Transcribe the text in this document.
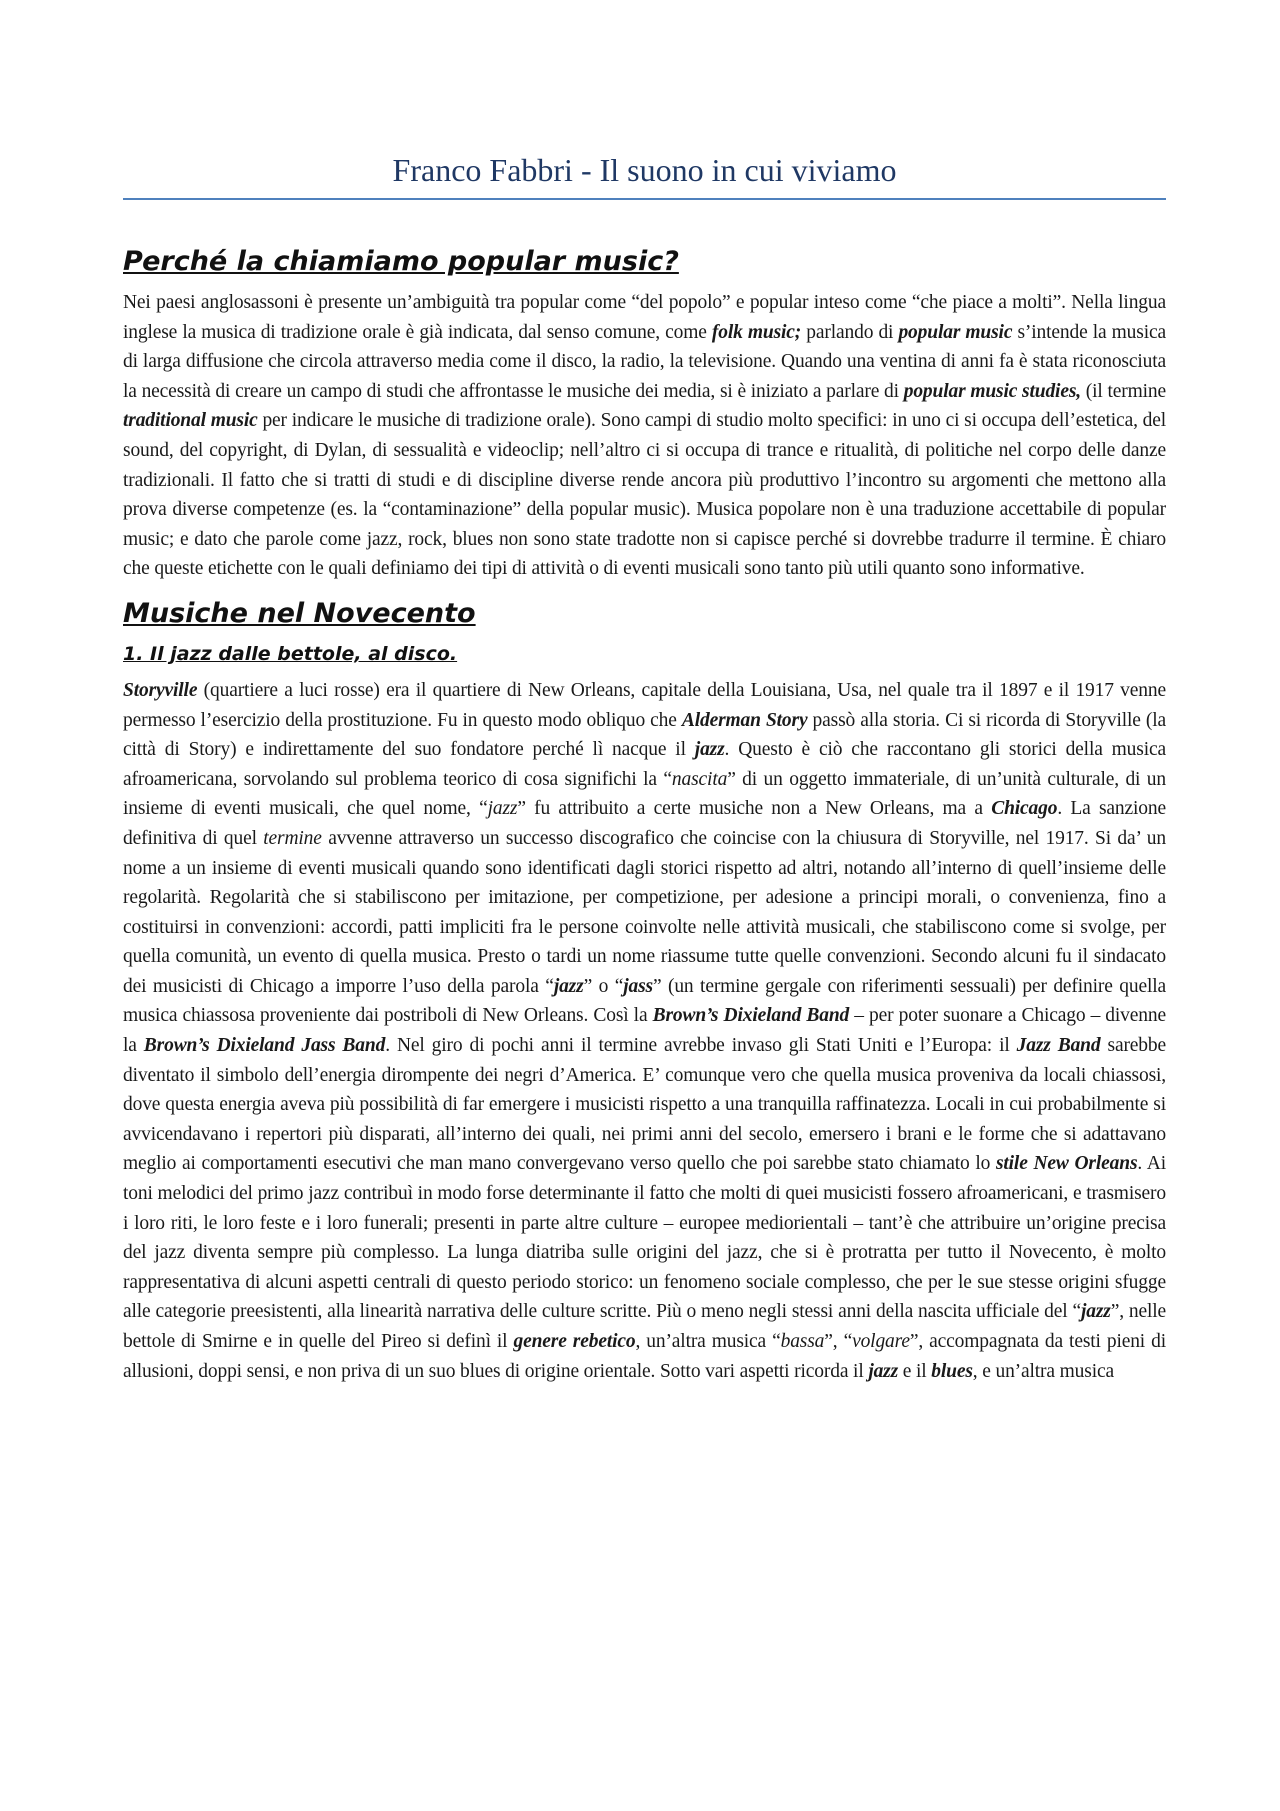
Franco Fabbri - Il suono in cui viviamo
Perché la chiamiamo popular music?

Nei paesi anglosassoni è presente un’ambiguità tra popular come “del popolo” e popular inteso come “che piace a molti”. Nella lingua inglese la musica di tradizione orale è già indicata, dal senso comune, come folk music; parlando di popular music s’intende la musica di larga diffusione che circola attraverso media come il disco, la radio, la televisione. Quando una ventina di anni fa è stata riconosciuta la necessità di creare un campo di studi che affrontasse le musiche dei media, si è iniziato a parlare di popular music studies, (il termine traditional music per indicare le musiche di tradizione orale). Sono campi di studio molto specifici: in uno ci si occupa dell’estetica, del sound, del copyright, di Dylan, di sessualità e videoclip; nell’altro ci si occupa di trance e ritualità, di politiche nel corpo delle danze tradizionali. Il fatto che si tratti di studi e di discipline diverse rende ancora più produttivo l’incontro su argomenti che mettono alla prova diverse competenze (es. la “contaminazione” della popular music). Musica popolare non è una traduzione accettabile di popular music; e dato che parole come jazz, rock, blues non sono state tradotte non si capisce perché si dovrebbe tradurre il termine. È chiaro che queste etichette con le quali definiamo dei tipi di attività o di eventi musicali sono tanto più utili quanto sono informative.

Musiche nel Novecento
1. Il jazz dalle bettole, al disco.

Storyville (quartiere a luci rosse) era il quartiere di New Orleans, capitale della Louisiana, Usa, nel quale tra il 1897 e il 1917 venne permesso l’esercizio della prostituzione. Fu in questo modo obliquo che Alderman Story passò alla storia. Ci si ricorda di Storyville (la città di Story) e indirettamente del suo fondatore perché lì nacque il jazz. Questo è ciò che raccontano gli storici della musica afroamericana, sorvolando sul problema teorico di cosa significhi la “nascita” di un oggetto immateriale, di un’unità culturale, di un insieme di eventi musicali, che quel nome, “jazz” fu attribuito a certe musiche non a New Orleans, ma a Chicago. La sanzione definitiva di quel termine avvenne attraverso un successo discografico che coincise con la chiusura di Storyville, nel 1917. Si da’ un nome a un insieme di eventi musicali quando sono identificati dagli storici rispetto ad altri, notando all’interno di quell’insieme delle regolarità. Regolarità che si stabiliscono per imitazione, per competizione, per adesione a principi morali, o convenienza, fino a costituirsi in convenzioni: accordi, patti impliciti fra le persone coinvolte nelle attività musicali, che stabiliscono come si svolge, per quella comunità, un evento di quella musica. Presto o tardi un nome riassume tutte quelle convenzioni. Secondo alcuni fu il sindacato dei musicisti di Chicago a imporre l’uso della parola “jazz” o “jass” (un termine gergale con riferimenti sessuali) per definire quella musica chiassosa proveniente dai postriboli di New Orleans. Così la Brown’s Dixieland Band – per poter suonare a Chicago – divenne la Brown’s Dixieland Jass Band. Nel giro di pochi anni il termine avrebbe invaso gli Stati Uniti e l’Europa: il Jazz Band sarebbe diventato il simbolo dell’energia dirompente dei negri d’America. E’ comunque vero che quella musica proveniva da locali chiassosi, dove questa energia aveva più possibilità di far emergere i musicisti rispetto a una tranquilla raffinatezza. Locali in cui probabilmente si avvicendavano i repertori più disparati, all’interno dei quali, nei primi anni del secolo, emersero i brani e le forme che si adattavano meglio ai comportamenti esecutivi che man mano convergevano verso quello che poi sarebbe stato chiamato lo stile New Orleans. Ai toni melodici del primo jazz contribuì in modo forse determinante il fatto che molti di quei musicisti fossero afroamericani, e trasmisero i loro riti, le loro feste e i loro funerali; presenti in parte altre culture – europee mediorientali – tant’è che attribuire un’origine precisa del jazz diventa sempre più complesso. La lunga diatriba sulle origini del jazz, che si è protratta per tutto il Novecento, è molto rappresentativa di alcuni aspetti centrali di questo periodo storico: un fenomeno sociale complesso, che per le sue stesse origini sfugge alle categorie preesistenti, alla linearità narrativa delle culture scritte. Più o meno negli stessi anni della nascita ufficiale del “jazz”, nelle bettole di Smirne e in quelle del Pireo si definì il genere rebetico, un’altra musica “bassa”, “volgare”, accompagnata da testi pieni di allusioni, doppi sensi, e non priva di un suo blues di origine orientale. Sotto vari aspetti ricorda il jazz e il blues, e un’altra musica
